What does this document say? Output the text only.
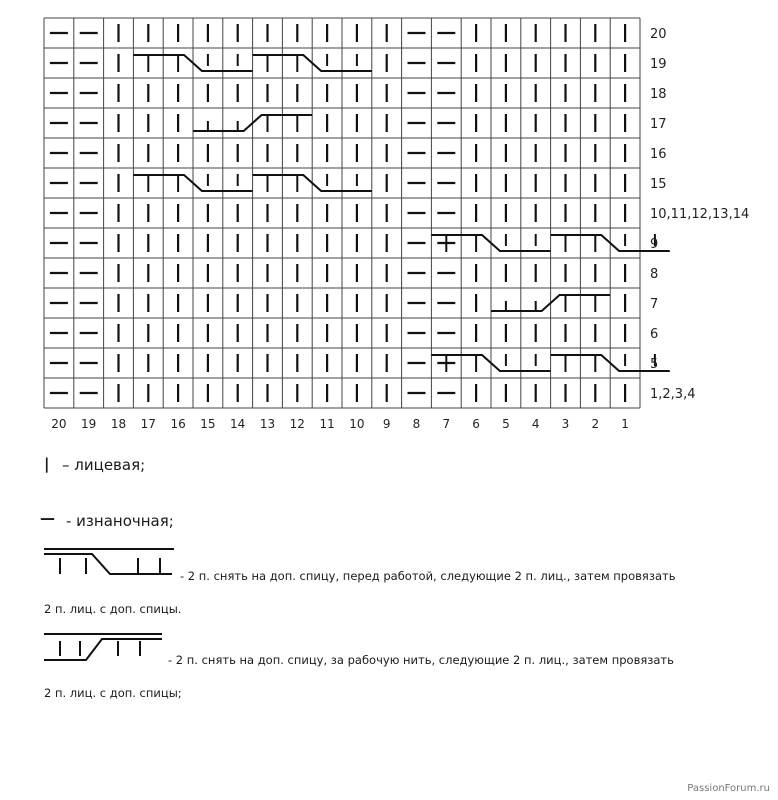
20
19
18
17
16
15
10,11,12,13,14
9
8
7
6
5
1,2,3,4
20 19 18 17 16 15 14 13 12 11 10 9 8 7 6 5 4 3 2 1
| – лицевая;
— - изнаночная;
- 2 п. снять на доп. спицу, перед работой, следующие 2 п. лиц., затем провязать
2 п. лиц. с доп. спицы.
- 2 п. снять на доп. спицу, за рабочую нить, следующие 2 п. лиц., затем провязать
2 п. лиц. с доп. спицы;
PassionForum.ru
